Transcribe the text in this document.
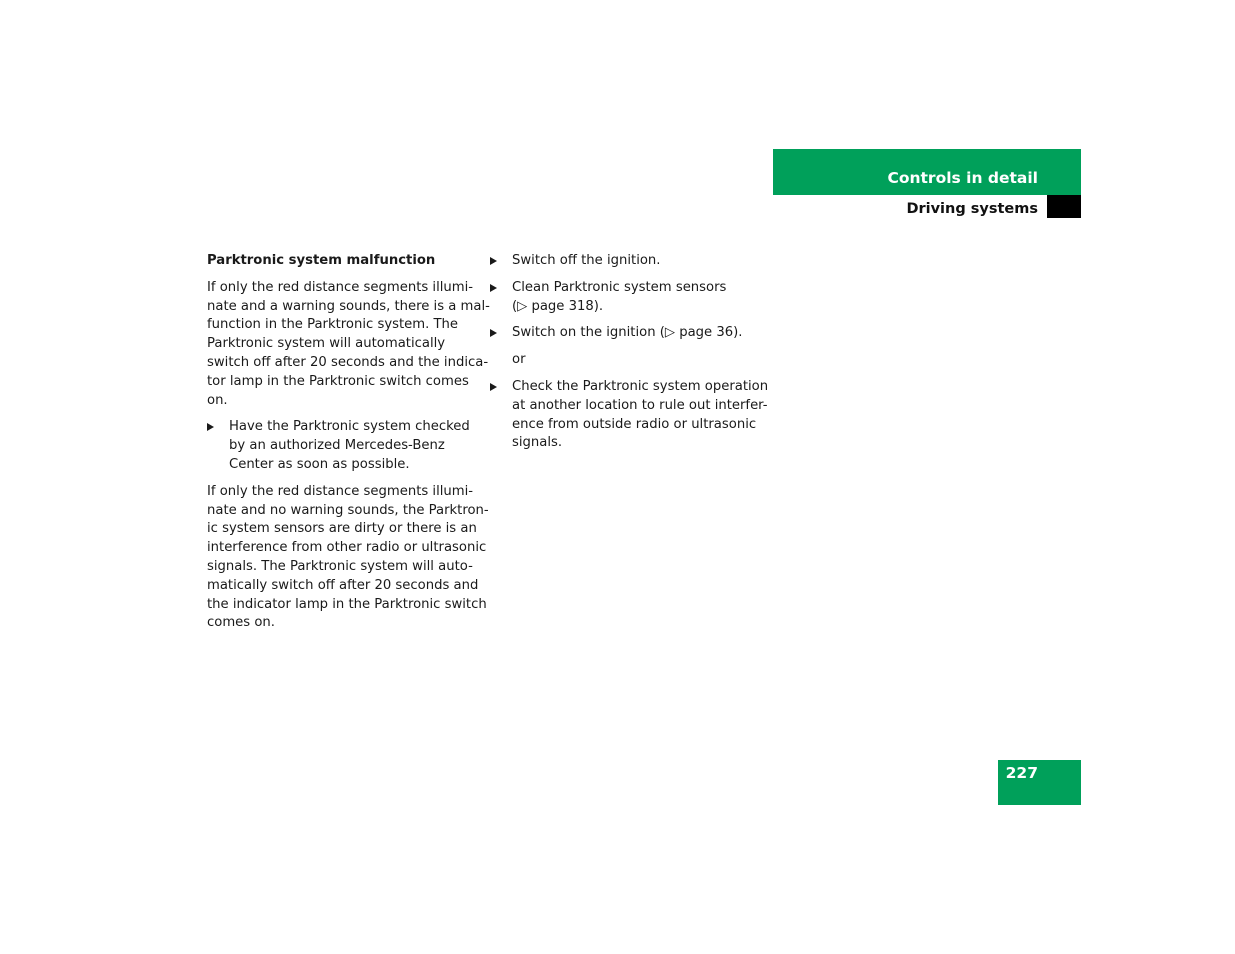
Controls in detail
Driving systems
Parktronic system malfunction

If only the red distance segments illumi-
nate and a warning sounds, there is a mal-
function in the Parktronic system. The
Parktronic system will automatically
switch off after 20 seconds and the indica-
tor lamp in the Parktronic switch comes
on.

Have the Parktronic system checked
by an authorized Mercedes-Benz
Center as soon as possible.

If only the red distance segments illumi-
nate and no warning sounds, the Parktron-
ic system sensors are dirty or there is an
interference from other radio or ultrasonic
signals. The Parktronic system will auto-
matically switch off after 20 seconds and
the indicator lamp in the Parktronic switch
comes on.

Switch off the ignition.
Clean Parktronic system sensors
(▷ page 318).
Switch on the ignition (▷ page 36).
or
Check the Parktronic system operation
at another location to rule out interfer-
ence from outside radio or ultrasonic
signals.
227
